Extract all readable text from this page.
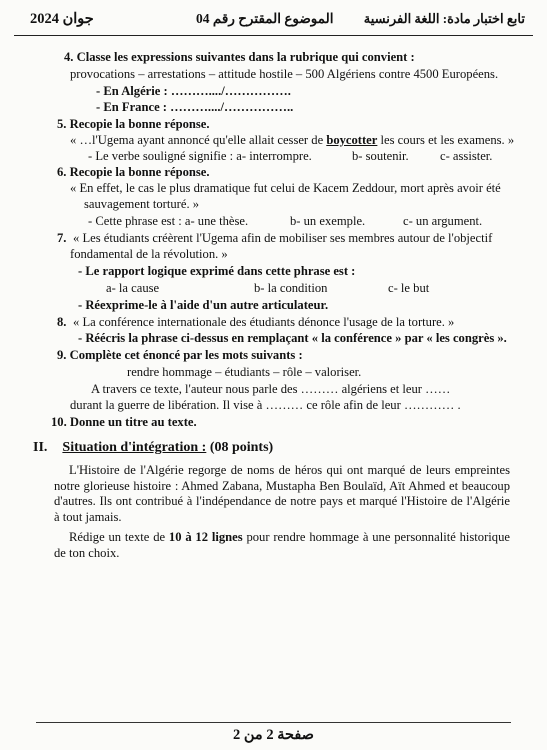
جوان 2024	الموضوع المقترح رقم 04 تابع اختبار مادة: اللغة الفرنسية
4. Classe les expressions suivantes dans la rubrique qui convient :
provocations – arrestations – attitude hostile – 500 Algériens contre 4500 Européens.
- En Algérie : ………..../…………….
- En France : ………..../……………..
5. Recopie la bonne réponse.
« …l'Ugema ayant annoncé qu'elle allait cesser de boycotter les cours et les examens. »
- Le verbe souligné signifie : a- interrompre.	b- soutenir. c- assister.
6. Recopie la bonne réponse.
« En effet, le cas le plus dramatique fut celui de Kacem Zeddour, mort après avoir été
sauvagement torturé. »
- Cette phrase est : a- une thèse.	b- un exemple.	c- un argument.
7. « Les étudiants créèrent l'Ugema afin de mobiliser ses membres autour de l'objectif
fondamental de la révolution. »
- Le rapport logique exprimé dans cette phrase est :
a- la cause	b- la condition	c- le but
- Réexprime-le à l'aide d'un autre articulateur.
8. « La conférence internationale des étudiants dénonce l'usage de la torture. »
- Réécris la phrase ci-dessus en remplaçant « la conférence » par « les congrès ».
9. Complète cet énoncé par les mots suivants :
rendre hommage – étudiants – rôle – valoriser.
A travers ce texte, l'auteur nous parle des ……… algériens et leur ……
durant la guerre de libération. Il vise à ……… ce rôle afin de leur ………… .
10. Donne un titre au texte.
II. Situation d'intégration : (08 points)
L'Histoire de l'Algérie regorge de noms de héros qui ont marqué de leurs empreintes notre glorieuse histoire : Ahmed Zabana, Mustapha Ben Boulaïd, Aït Ahmed et beaucoup d'autres. Ils ont contribué à l'indépendance de notre pays et marqué l'Histoire de l'Algérie à tout jamais.
Rédige un texte de 10 à 12 lignes pour rendre hommage à une personnalité historique de ton choix.
صفحة 2 من 2
